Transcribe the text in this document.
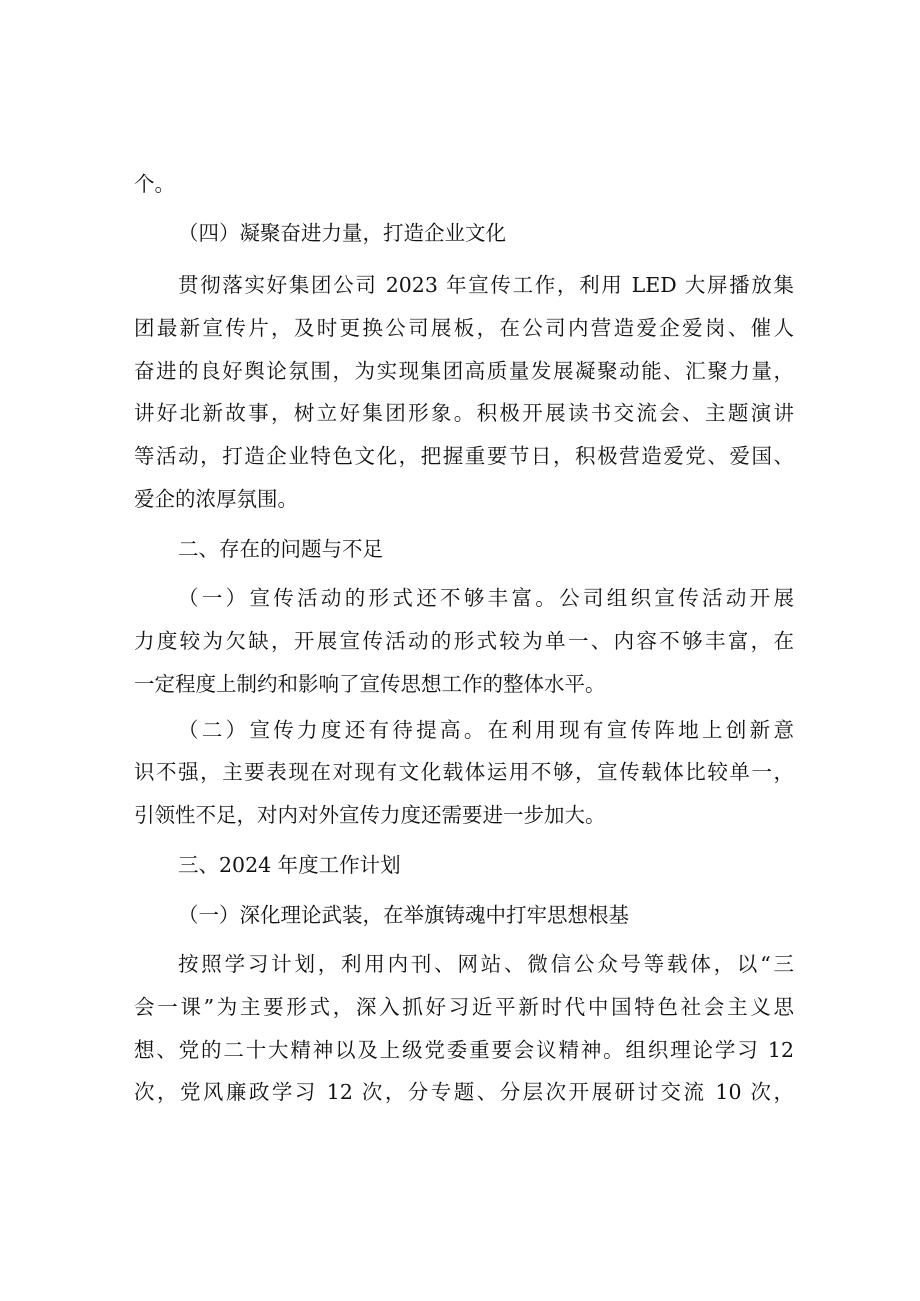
个。
（四）凝聚奋进力量，打造企业文化
贯彻落实好集团公司 2023 年宣传工作，利用 LED 大屏播放集
团最新宣传片，及时更换公司展板，在公司内营造爱企爱岗、催人
奋进的良好舆论氛围，为实现集团高质量发展凝聚动能、汇聚力量，
讲好北新故事，树立好集团形象。积极开展读书交流会、主题演讲
等活动，打造企业特色文化，把握重要节日，积极营造爱党、爱国、
爱企的浓厚氛围。
二、存在的问题与不足
（一）宣传活动的形式还不够丰富。公司组织宣传活动开展
力度较为欠缺，开展宣传活动的形式较为单一、内容不够丰富，在
一定程度上制约和影响了宣传思想工作的整体水平。
（二）宣传力度还有待提高。在利用现有宣传阵地上创新意
识不强，主要表现在对现有文化载体运用不够，宣传载体比较单一，
引领性不足，对内对外宣传力度还需要进一步加大。
三、2024 年度工作计划
（一）深化理论武装，在举旗铸魂中打牢思想根基
按照学习计划，利用内刊、网站、微信公众号等载体，以“三
会一课”为主要形式，深入抓好习近平新时代中国特色社会主义思
想、党的二十大精神以及上级党委重要会议精神。组织理论学习 12
次，党风廉政学习 12 次，分专题、分层次开展研讨交流 10 次，
